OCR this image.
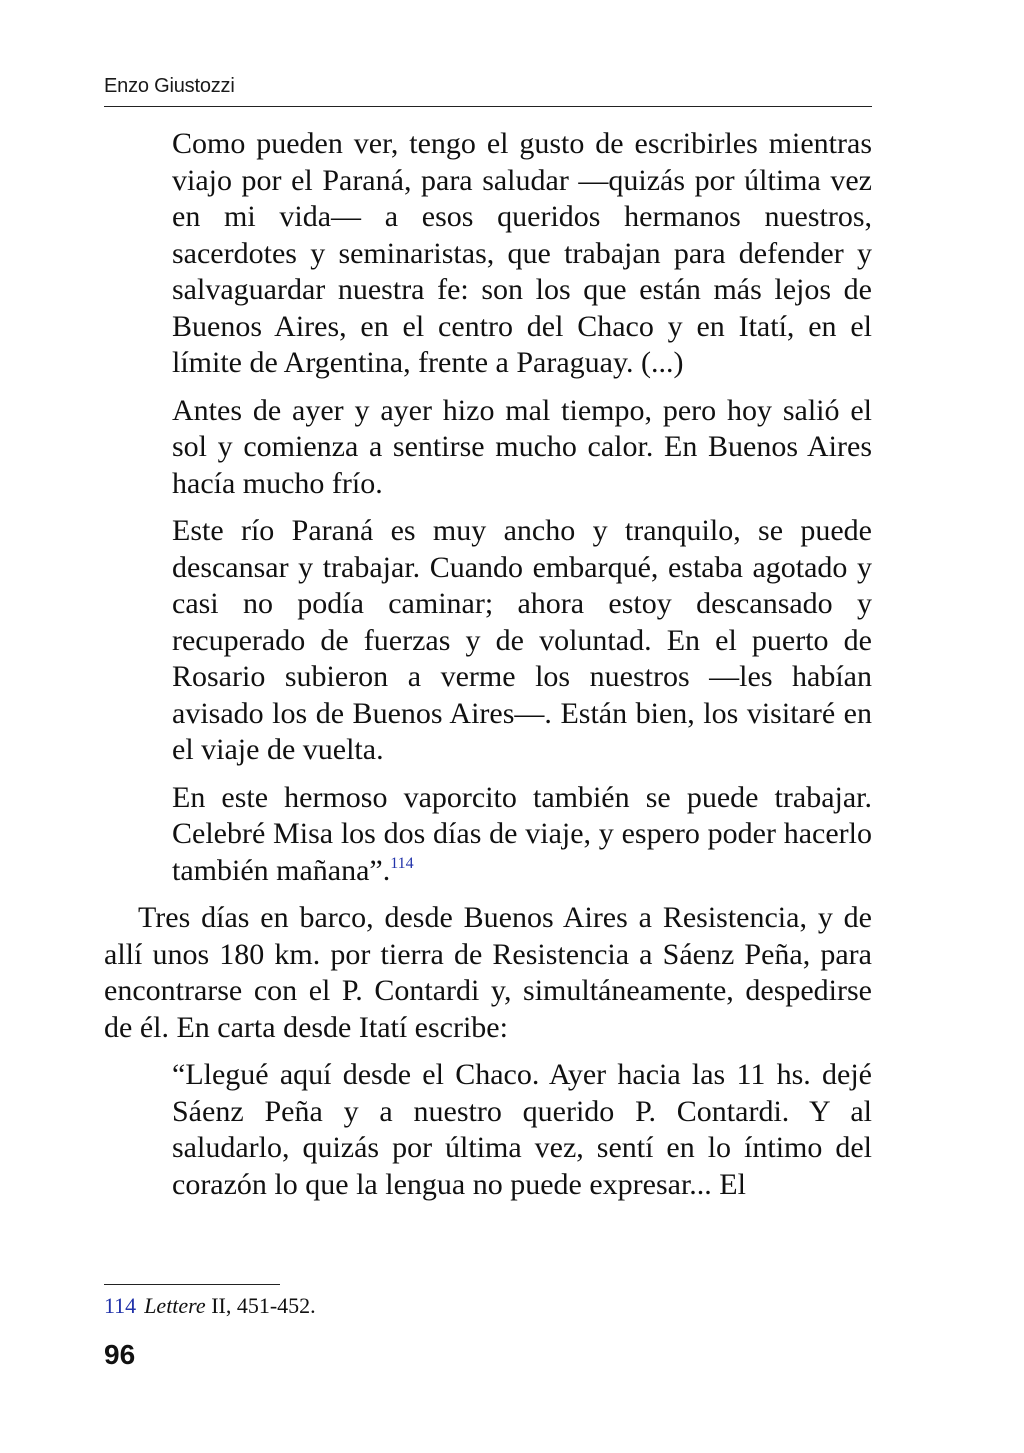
Enzo Giustozzi

Como pueden ver, tengo el gusto de escribirles mientras viajo por el Paraná, para saludar —quizás por última vez en mi vida— a esos queridos hermanos nuestros, sacerdotes y seminaristas, que trabajan para defender y salvaguardar nuestra fe: son los que están más lejos de Buenos Aires, en el centro del Chaco y en Itatí, en el límite de Argentina, frente a Paraguay. (...)

Antes de ayer y ayer hizo mal tiempo, pero hoy salió el sol y comienza a sentirse mucho calor. En Buenos Aires hacía mucho frío.

Este río Paraná es muy ancho y tranquilo, se puede descansar y trabajar. Cuando embarqué, estaba agotado y casi no podía caminar; ahora estoy descansado y recuperado de fuerzas y de voluntad. En el puerto de Rosario subieron a verme los nuestros —les habían avisado los de Buenos Aires—. Están bien, los visitaré en el viaje de vuelta.

En este hermoso vaporcito también se puede trabajar. Celebré Misa los dos días de viaje, y espero poder hacerlo también mañana”.$^{114}$

Tres días en barco, desde Buenos Aires a Resistencia, y de allí unos 180 km. por tierra de Resistencia a Sáenz Peña, para encontrarse con el P. Contardi y, simultáneamente, despedirse de él. En carta desde Itatí escribe:

“Llegué aquí desde el Chaco. Ayer hacia las 11 hs. dejé Sáenz Peña y a nuestro querido P. Contardi. Y al saludarlo, quizás por última vez, sentí en lo íntimo del corazón lo que la lengua no puede expresar... El

114 Lettere II, 451-452.
96
